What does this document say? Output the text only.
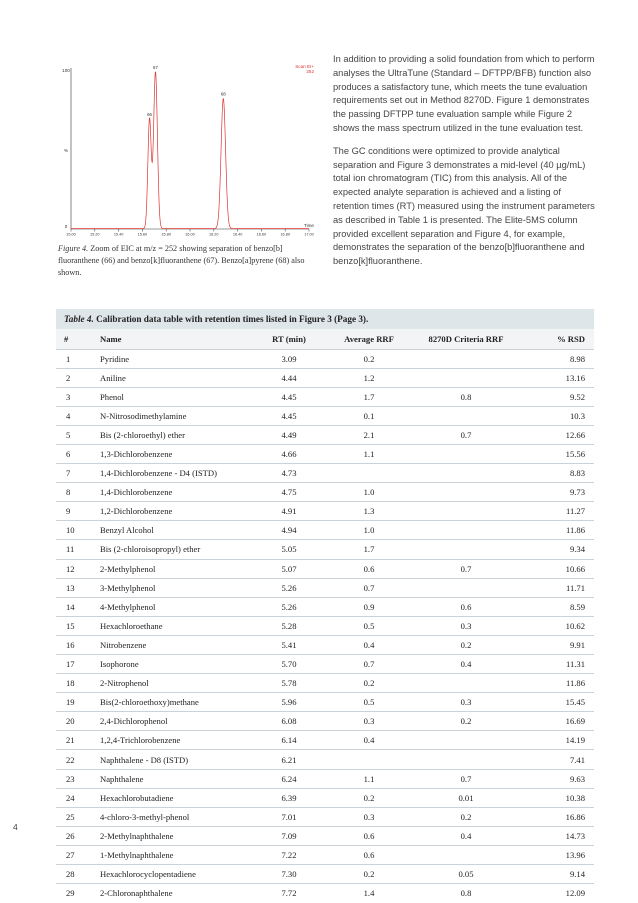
Scan EI+
252
100
%
0	Time
15.00	15.20	15.40	15.60	15.80	16.00	16.20	16.40	16.60	16.80	17.00
66
67
68
Figure 4. Zoom of EIC at m/z = 252 showing separation of benzo[b] fluoranthene (66) and benzo[k]fluoranthene (67). Benzo[a]pyrene (68) also shown.

In addition to providing a solid foundation from which to perform analyses the UltraTune (Standard – DFTPP/BFB) function also produces a satisfactory tune, which meets the tune evaluation requirements set out in Method 8270D. Figure 1 demonstrates the passing DFTPP tune evaluation sample while Figure 2 shows the mass spectrum utilized in the tune evaluation test.

The GC conditions were optimized to provide analytical separation and Figure 3 demonstrates a mid-level (40 µg/mL) total ion chromatogram (TIC) from this analysis. All of the expected analyte separation is achieved and a listing of retention times (RT) measured using the instrument parameters as described in Table 1 is presented. The Elite-5MS column provided excellent separation and Figure 4, for example, demonstrates the separation of the benzo[b]fluoranthene and benzo[k]fluoranthene.

Table 4. Calibration data table with retention times listed in Figure 3 (Page 3).
#	Name	RT (min)	Average RRF	8270D Criteria RRF	% RSD
1	Pyridine	3.09	0.2		8.98
2	Aniline	4.44	1.2		13.16
3	Phenol	4.45	1.7	0.8	9.52
4	N-Nitrosodimethylamine	4.45	0.1		10.3
5	Bis (2-chloroethyl) ether	4.49	2.1	0.7	12.66
6	1,3-Dichlorobenzene	4.66	1.1		15.56
7	1,4-Dichlorobenzene - D4 (ISTD)	4.73			8.83
8	1,4-Dichlorobenzene	4.75	1.0		9.73
9	1,2-Dichlorobenzene	4.91	1.3		11.27
10	Benzyl Alcohol	4.94	1.0		11.86
11	Bis (2-chloroisopropyl) ether	5.05	1.7		9.34
12	2-Methylphenol	5.07	0.6	0.7	10.66
13	3-Methylphenol	5.26	0.7		11.71
14	4-Methylphenol	5.26	0.9	0.6	8.59
15	Hexachloroethane	5.28	0.5	0.3	10.62
16	Nitrobenzene	5.41	0.4	0.2	9.91
17	Isophorone	5.70	0.7	0.4	11.31
18	2-Nitrophenol	5.78	0.2		11.86
19	Bis(2-chloroethoxy)methane	5.96	0.5	0.3	15.45
20	2,4-Dichlorophenol	6.08	0.3	0.2	16.69
21	1,2,4-Trichlorobenzene	6.14	0.4		14.19
22	Naphthalene - D8 (ISTD)	6.21			7.41
23	Naphthalene	6.24	1.1	0.7	9.63
24	Hexachlorobutadiene	6.39	0.2	0.01	10.38
25	4-chloro-3-methyl-phenol	7.01	0.3	0.2	16.86
26	2-Methylnaphthalene	7.09	0.6	0.4	14.73
27	1-Methylnaphthalene	7.22	0.6		13.96
28	Hexachlorocyclopentadiene	7.30	0.2	0.05	9.14
29	2-Chloronaphthalene	7.72	1.4	0.8	12.09
4
